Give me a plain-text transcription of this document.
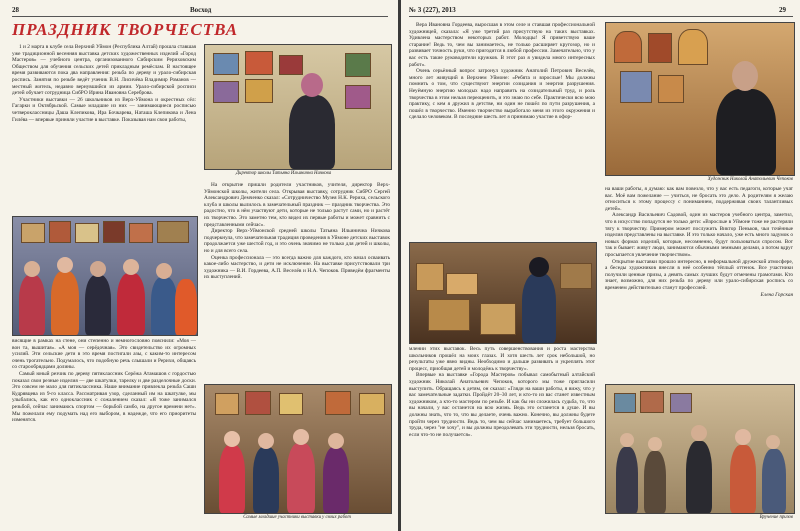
28	Восход
ПРАЗДНИК ТВОРЧЕСТВА

1 и 2 марта в клубе села Верхний Уймон (Республика Алтай) прошла ставшая уже традиционной весенняя выставка детских художественных изделий «Город Мастеров» — учебного центра, организованного Сибирским Рериховским Обществом для обучения сельских детей прикладным ремёслам. В настоящее время развиваются пока два направления: резьба по дереву и урало-сибирская роспись. Занятия по резьбе ведёт ученик В.Н. Лисичёва Владимир Романов — местный житель, недавно вернувшийся из армии. Урало-сибирской росписи детей обучает сотрудница СибРО Ирина Ивановна Сереброва.

Участники выставки — 26 школьников из Верх-Уймона и окрестных сёл: Гагарки и Октябрьской. Самые младшие из них — занимающиеся росписью четвероклассницы Даша Клепикова, Ира Бочкарева, Наташа Клепикова и Лена Гилёва — впервые приняли участие в выставке. Показывая нам свои работы,

висящие в рамках на стене, они степенно и немногословно пояснили: «Моя — вон та, вышитая». «А моя — серёдочная». Это свидетельство их огромных усилий. Эти сельские дети в это время постигали азы, с каким-то интересом очень трогательно. Подумалось, что подобную речь слышали и Рерихи, общаясь со старообрядцами долины.

Самый юный резчик по дереву пятиклассник Серёжа Атамашов с гордостью показал свои резные изделия — две шкатулки, тарелку и две разделочные доски. Это совсем не мало для пятиклассника. Наше внимание привлекла резьба Саши Кудрявцева из 9-го класса. Рассматривая узор, сделанный им на шкатулке, мы улыбались, как его одноклассник с сожалением сказал: «Я тоже занимался резьбой, сейчас занимаюсь спортом — борьбой самбо, на другое времени нет». Мы пожелали ему подумать над его выбором, в надежде, что его приоритеты изменятся.

Директор школы Татьяна Ильинична Ничкова

На открытие пришли родители участников, учителя, директор Верх-Уймонской школы, жители села. Открывая выставку, сотрудник СибРО Сергей Александрович Демченко сказал: «Сотрудничество Музея Н.К. Рериха, сельского клуба и школы вылилось в замечательный праздник — праздник творчества. Это радостно, что в нём участвуют дети, которые не только растут сами, но и растёт их творчество. Это заметно тем, кто видел их первые работы и может сравнить с представленными сейчас».

Директор Верх-Уймонской средней школы Татьяна Ильинична Ничкова подчеркнула, что замечательная традиция проведения в Уймоне детских выставок продолжается уже шестой год, и это очень значимо не только для детей и школы, но и для всего села.

Оценка профессионала — это всегда важно для каждого, кто начал осваивать какое-либо мастерство, и дети не исключение. На выставке присутствовали три художника — В.И. Гордеева, А.П. Веселёв и Н.А. Чепоков. Приведём фрагменты их выступлений.

Самые младшие участники выставки у своих работ
№ 3 (227), 2013	29

Вера Ивановна Гордеева, выросшая в этом селе и ставшая профессиональной художницей, сказала: «Я уже третий раз присутствую на таких выставках. Удивлена мастерством некоторых работ. Молодцы! Я приветствую ваше старание! Ведь то, чем вы занимаетесь, не только расширяет кругозор, но и развивает точность руки, что пригодится в любой профессии. Замечательно, что у вас есть такие руководители кружков. В этот раз я увидела много интересных работ».

Очень серьёзный вопрос затронул художник Анатолий Петрович Веселёв, много лет живущий в Верхнем Уймоне: «Ребята и взрослые! Мы должны помнить о том, что существуют энергии созидания и энергии разрушения. Неуёмную энергию молодых надо направить на созидательный труд, и роль творчества в этом нельзя переоценить, и это знаю по себе. Практически всю мою практику, с кем я дружил в детстве, ни один не пошёл по пути разрушения, а пошёл в творчество. Именно творчество выработало меня из этого окружения и сделало человеком. В последние шесть лет я принимаю участие в офор-

млении этих выставок. Весь путь совершенствования и роста мастерства школьников прошёл на моих глазах. И хотя шесть лет срок небольшой, но результаты уже явно видны. Необходимо и дальше развивать и укреплять этот процесс, приобщая детей и молодёжь к творчеству».

Впервые на выставке «Города Мастеров» побывал самобытный алтайский художник Николай Анатольевич Чепоков, которого мы тоже пригласили выступить. Обращаясь к детям, он сказал: «Гляди на ваши работы, я вижу, что у вас замечательные задатки. Пройдёт 20–30 лет, и кто-то из вас станет известным художником, а кто-то мастером по резьбе. И как бы ни сложилась судьба, то, что вы начали, у вас останется на всю жизнь. Ведь это останется в душе. И вы должны знать, что то, что вы делаете, очень важно. Конечно, вы должны будете пройти через трудности. Ведь то, чем вы сейчас занимаетесь, требует большого труда, через "не хочу", и вы должны преодолевать эти трудности, нельзя бросать, если что-то не получается».

Художник Николай Анатольевич Чепоков

на ваши работы, я думаю: как вам повезло, что у вас есть педагоги, которые учат вас. Моё вам пожелание — учиться, не бросать это дело. А родителям я желаю относиться к этому процессу с пониманием, поддерживая своих талантливых детей».

Александр Васильевич Садовой, один из мастеров учебного центра, заметил, что в искусство попадутся не только дети: «Взрослые в Уймоне тоже не растеряли тягу к творчеству. Примером может послужить Виктор Пеньков, чьи точённые изделия представлены на выставке. И это только начало, уже есть много задумок о новых формах изделий, которые, несомненно, будут пользоваться спросом. Вот так и бывает: живут люди, занимаются обычными земными делами, а потом вдруг просыпается увлечение творчеством».

Открытие выставки прошло интересно, в неформальной дружеской атмосфере, а беседы художников внесли в неё особенно тёплый оттенок. Все участники получили ценные призы, а девять самых лучших будут отмечены грамотами. Кто знает, возможно, для них резьба по дереву или урало-сибирская роспись со временем действительно станут профессией.

Елена Горская

Вручение призов
